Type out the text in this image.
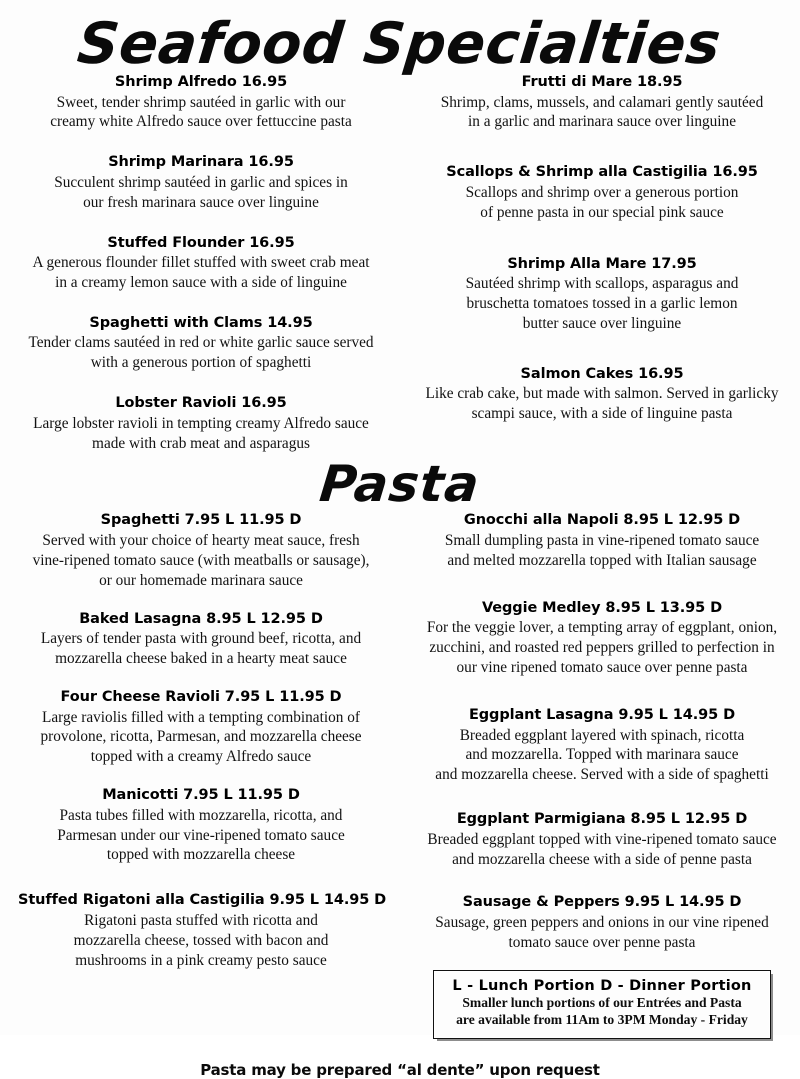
Seafood Specialties
Shrimp Alfredo 16.95
Sweet, tender shrimp sautéed in garlic with our
creamy white Alfredo sauce over fettuccine pasta
Shrimp Marinara 16.95
Succulent shrimp sautéed in garlic and spices in
our fresh marinara sauce over linguine
Stuffed Flounder 16.95
A generous flounder fillet stuffed with sweet crab meat
in a creamy lemon sauce with a side of linguine
Spaghetti with Clams 14.95
Tender clams sautéed in red or white garlic sauce served
with a generous portion of spaghetti
Lobster Ravioli 16.95
Large lobster ravioli in tempting creamy Alfredo sauce
made with crab meat and asparagus
Frutti di Mare 18.95
Shrimp, clams, mussels, and calamari gently sautéed
in a garlic and marinara sauce over linguine
Scallops & Shrimp alla Castigilia 16.95
Scallops and shrimp over a generous portion
of penne pasta in our special pink sauce
Shrimp Alla Mare 17.95
Sautéed shrimp with scallops, asparagus and
bruschetta tomatoes tossed in a garlic lemon
butter sauce over linguine
Salmon Cakes 16.95
Like crab cake, but made with salmon. Served in garlicky
scampi sauce, with a side of linguine pasta
Pasta
Spaghetti 7.95 L 11.95 D
Served with your choice of hearty meat sauce, fresh
vine-ripened tomato sauce (with meatballs or sausage),
or our homemade marinara sauce
Baked Lasagna 8.95 L 12.95 D
Layers of tender pasta with ground beef, ricotta, and
mozzarella cheese baked in a hearty meat sauce
Four Cheese Ravioli 7.95 L 11.95 D
Large raviolis filled with a tempting combination of
provolone, ricotta, Parmesan, and mozzarella cheese
topped with a creamy Alfredo sauce
Manicotti 7.95 L 11.95 D
Pasta tubes filled with mozzarella, ricotta, and
Parmesan under our vine-ripened tomato sauce
topped with mozzarella cheese
Stuffed Rigatoni alla Castigilia 9.95 L 14.95 D
Rigatoni pasta stuffed with ricotta and
mozzarella cheese, tossed with bacon and
mushrooms in a pink creamy pesto sauce
Gnocchi alla Napoli 8.95 L 12.95 D
Small dumpling pasta in vine-ripened tomato sauce
and melted mozzarella topped with Italian sausage
Veggie Medley 8.95 L 13.95 D
For the veggie lover, a tempting array of eggplant, onion,
zucchini, and roasted red peppers grilled to perfection in
our vine ripened tomato sauce over penne pasta
Eggplant Lasagna 9.95 L 14.95 D
Breaded eggplant layered with spinach, ricotta
and mozzarella. Topped with marinara sauce
and mozzarella cheese. Served with a side of spaghetti
Eggplant Parmigiana 8.95 L 12.95 D
Breaded eggplant topped with vine-ripened tomato sauce
and mozzarella cheese with a side of penne pasta
Sausage & Peppers 9.95 L 14.95 D
Sausage, green peppers and onions in our vine ripened
tomato sauce over penne pasta
L - Lunch Portion D - Dinner Portion
Smaller lunch portions of our Entrées and Pasta
are available from 11Am to 3PM Monday - Friday
Pasta may be prepared “al dente” upon request
